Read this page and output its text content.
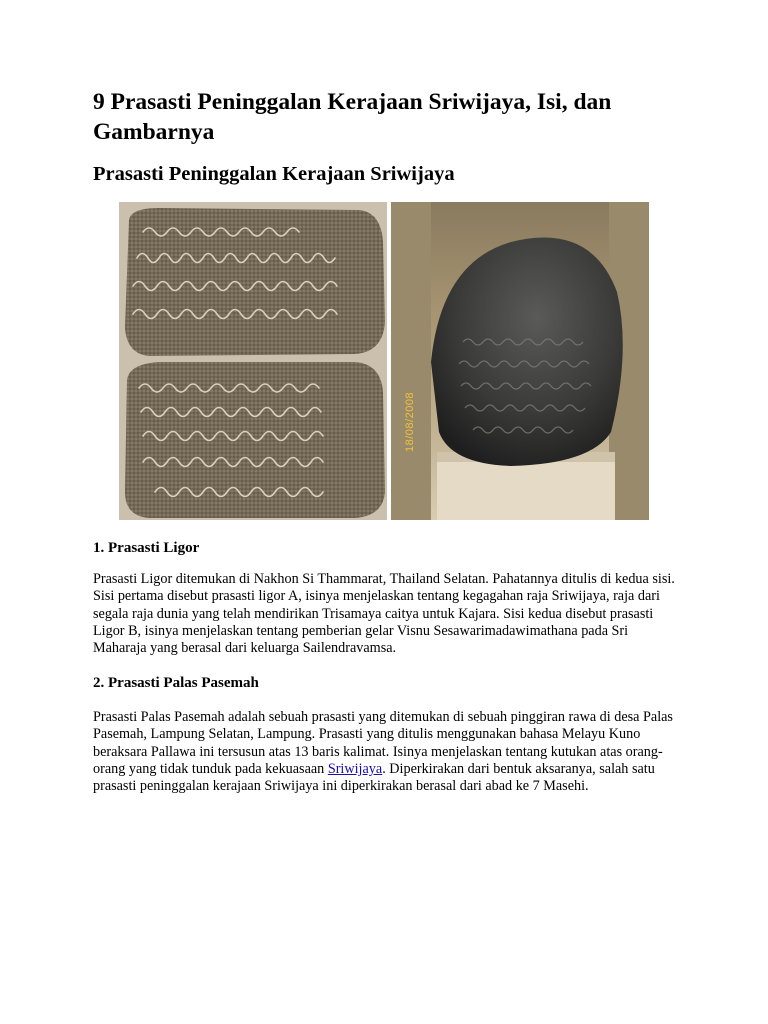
9 Prasasti Peninggalan Kerajaan Sriwijaya, Isi, dan Gambarnya
Prasasti Peninggalan Kerajaan Sriwijaya
18/08/2008
1. Prasasti Ligor

Prasasti Ligor ditemukan di Nakhon Si Thammarat, Thailand Selatan. Pahatannya ditulis di kedua sisi. Sisi pertama disebut prasasti ligor A, isinya menjelaskan tentang kegagahan raja Sriwijaya, raja dari segala raja dunia yang telah mendirikan Trisamaya caitya untuk Kajara. Sisi kedua disebut prasasti Ligor B, isinya menjelaskan tentang pemberian gelar Visnu Sesawarimadawimathana pada Sri Maharaja yang berasal dari keluarga Sailendravamsa.

2. Prasasti Palas Pasemah

Prasasti Palas Pasemah adalah sebuah prasasti yang ditemukan di sebuah pinggiran rawa di desa Palas Pasemah, Lampung Selatan, Lampung. Prasasti yang ditulis menggunakan bahasa Melayu Kuno beraksara Pallawa ini tersusun atas 13 baris kalimat. Isinya menjelaskan tentang kutukan atas orang-orang yang tidak tunduk pada kekuasaan Sriwijaya. Diperkirakan dari bentuk aksaranya, salah satu prasasti peninggalan kerajaan Sriwijaya ini diperkirakan berasal dari abad ke 7 Masehi.
